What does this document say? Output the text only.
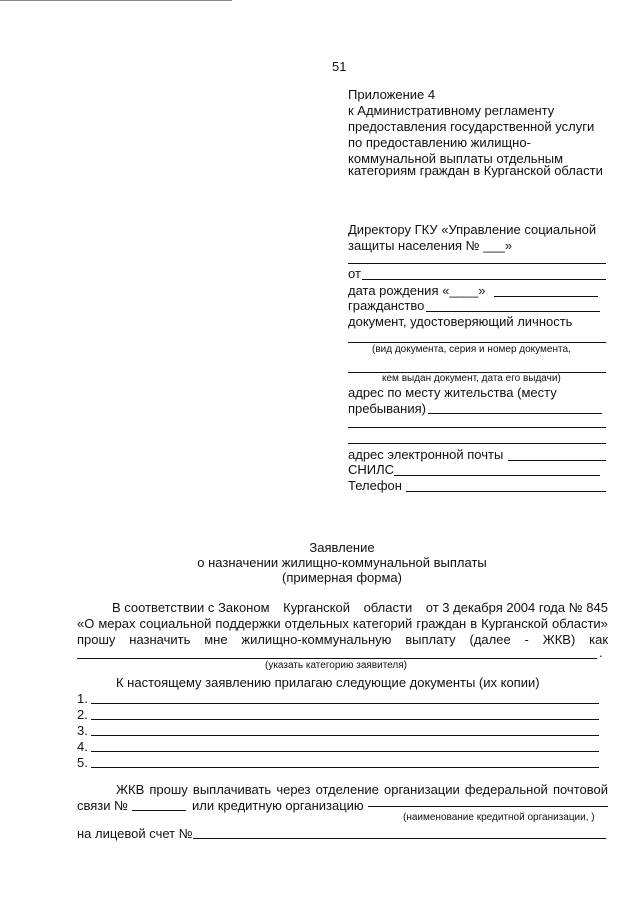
51
Приложение 4
к Административному регламенту
предоставления государственной услуги
по предоставлению жилищно-
коммунальной выплаты отдельным
категориям граждан в Курганской области
Директору ГКУ «Управление социальной
защиты населения № ___»
от
дата рождения «____»
гражданство
документ, удостоверяющий личность
(вид документа, серия и номер документа,
кем выдан документ, дата его выдачи)
адрес по месту жительства (месту
пребывания)
адрес электронной почты
СНИЛС
Телефон
Заявление
о назначении жилищно-коммунальной выплаты
(примерная форма)
В соответствии с Законом Курганской области от 3 декабря 2004 года № 845
«О мерах социальной поддержки отдельных категорий граждан в Курганской области»
прошу назначить мне жилищно-коммунальную выплату (далее - ЖКВ) как
.
(указать категорию заявителя)
К настоящему заявлению прилагаю следующие документы (их копии)
1.
2.
3.
4.
5.
ЖКВ прошу выплачивать через отделение организации федеральной почтовой
связи №	или кредитную организацию
(наименование кредитной организации, )
на лицевой счет №
